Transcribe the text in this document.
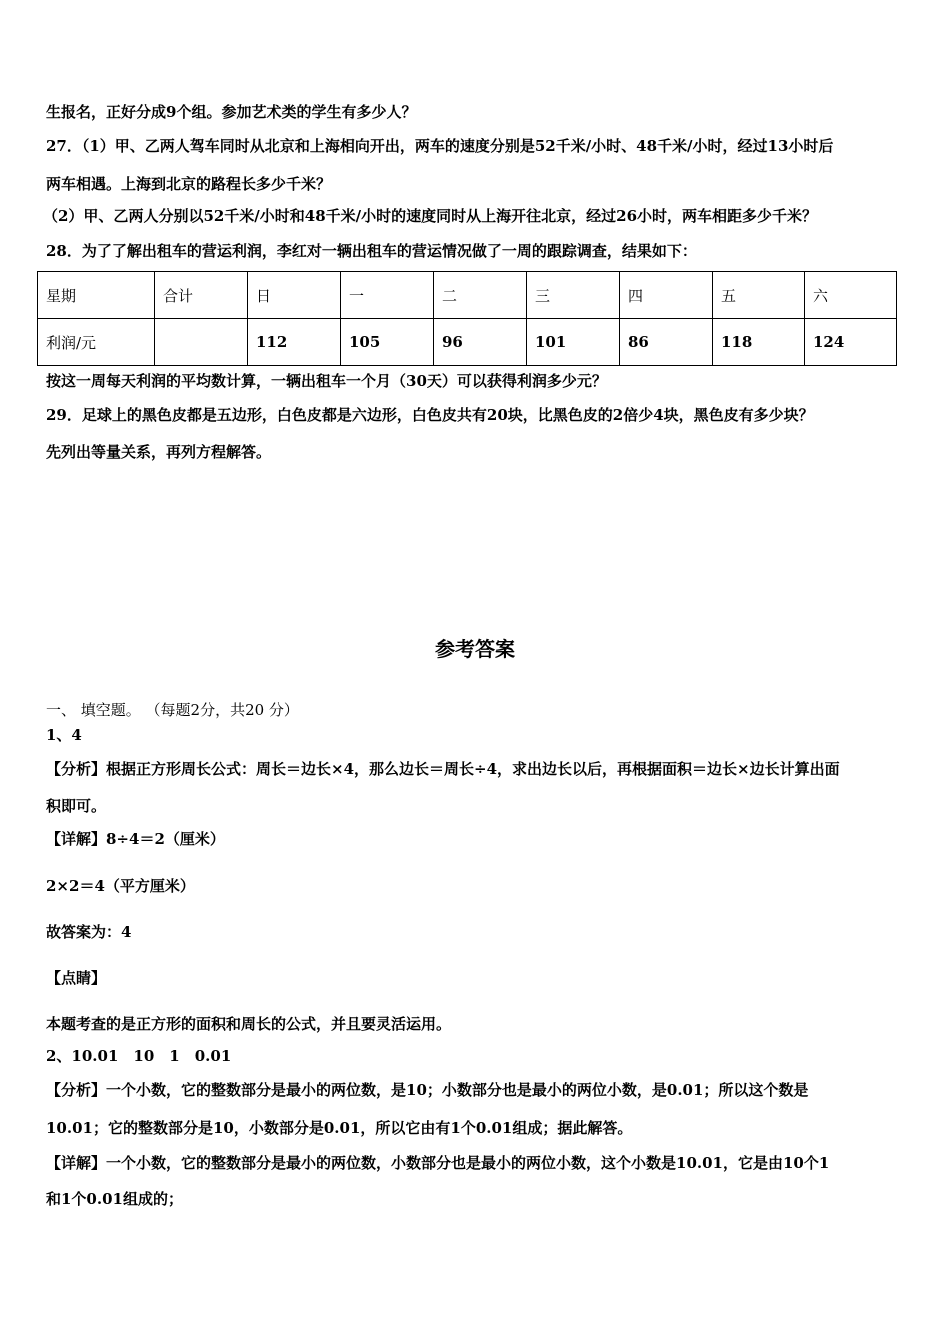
生报名，正好分成9个组。参加艺术类的学生有多少人？
27．（1）甲、乙两人驾车同时从北京和上海相向开出，两车的速度分别是52千米/小时、48千米/小时，经过13小时后
两车相遇。上海到北京的路程长多少千米？
（2）甲、乙两人分别以52千米/小时和48千米/小时的速度同时从上海开往北京，经过26小时，两车相距多少千米？
28．为了了解出租车的营运利润，李红对一辆出租车的营运情况做了一周的跟踪调查，结果如下：
星期	合计	日	一	二	三	四	五	六
利润/元		112	105	96	101	86	118	124
按这一周每天利润的平均数计算，一辆出租车一个月（30天）可以获得利润多少元？
29．足球上的黑色皮都是五边形，白色皮都是六边形，白色皮共有20块，比黑色皮的2倍少4块，黑色皮有多少块？
先列出等量关系，再列方程解答。
参考答案
一、 填空题。 （每题2分，共20 分）
1、4
【分析】根据正方形周长公式：周长＝边长×4，那么边长＝周长÷4，求出边长以后，再根据面积＝边长×边长计算出面
积即可。
【详解】8÷4＝2（厘米）
2×2＝4（平方厘米）
故答案为：4
【点睛】
本题考查的是正方形的面积和周长的公式，并且要灵活运用。
2、10.01　10　1　0.01
【分析】一个小数，它的整数部分是最小的两位数，是10；小数部分也是最小的两位小数，是0.01；所以这个数是
10.01；它的整数部分是10，小数部分是0.01，所以它由有1个0.01组成；据此解答。
【详解】一个小数，它的整数部分是最小的两位数，小数部分也是最小的两位小数，这个小数是10.01，它是由10个1
和1个0.01组成的；
